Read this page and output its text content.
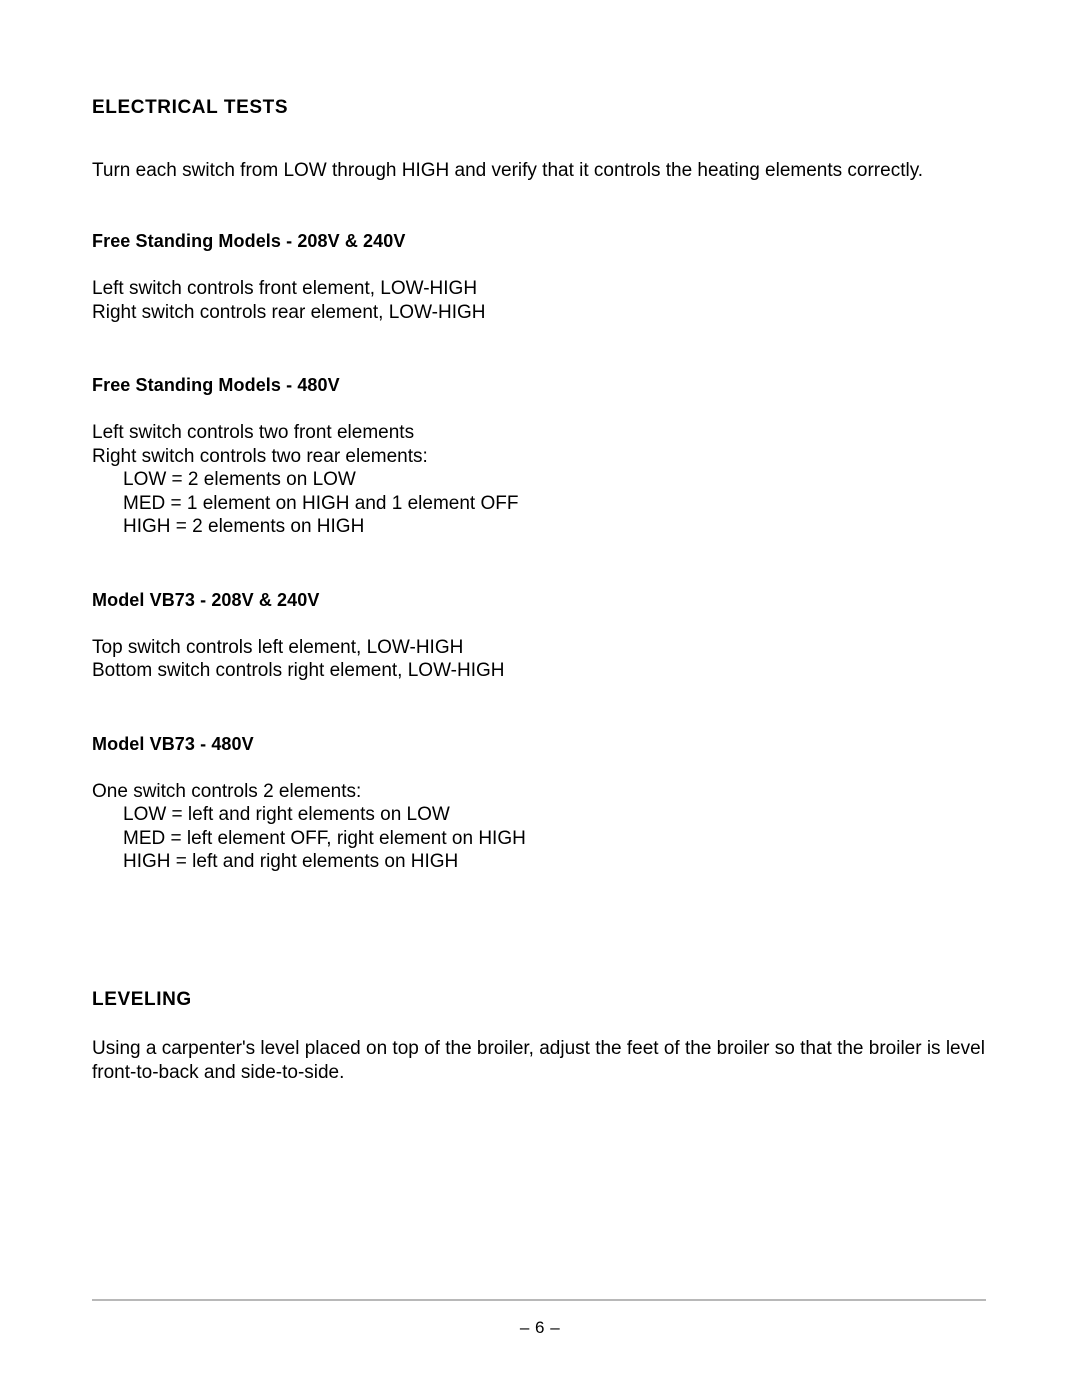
ELECTRICAL TESTS

Turn each switch from LOW through HIGH and verify that it controls the heating elements correctly.

Free Standing Models - 208V & 240V
Left switch controls front element, LOW-HIGH
Right switch controls rear element, LOW-HIGH
Free Standing Models - 480V
Left switch controls two front elements
Right switch controls two rear elements:
LOW = 2 elements on LOW
MED = 1 element on HIGH and 1 element OFF
HIGH = 2 elements on HIGH
Model VB73 - 208V & 240V
Top switch controls left element, LOW-HIGH
Bottom switch controls right element, LOW-HIGH
Model VB73 - 480V
One switch controls 2 elements:
LOW = left and right elements on LOW
MED = left element OFF, right element on HIGH
HIGH = left and right elements on HIGH
LEVELING

Using a carpenter's level placed on top of the broiler, adjust the feet of the broiler so that the broiler is level front-to-back and side-to-side.

– 6 –
